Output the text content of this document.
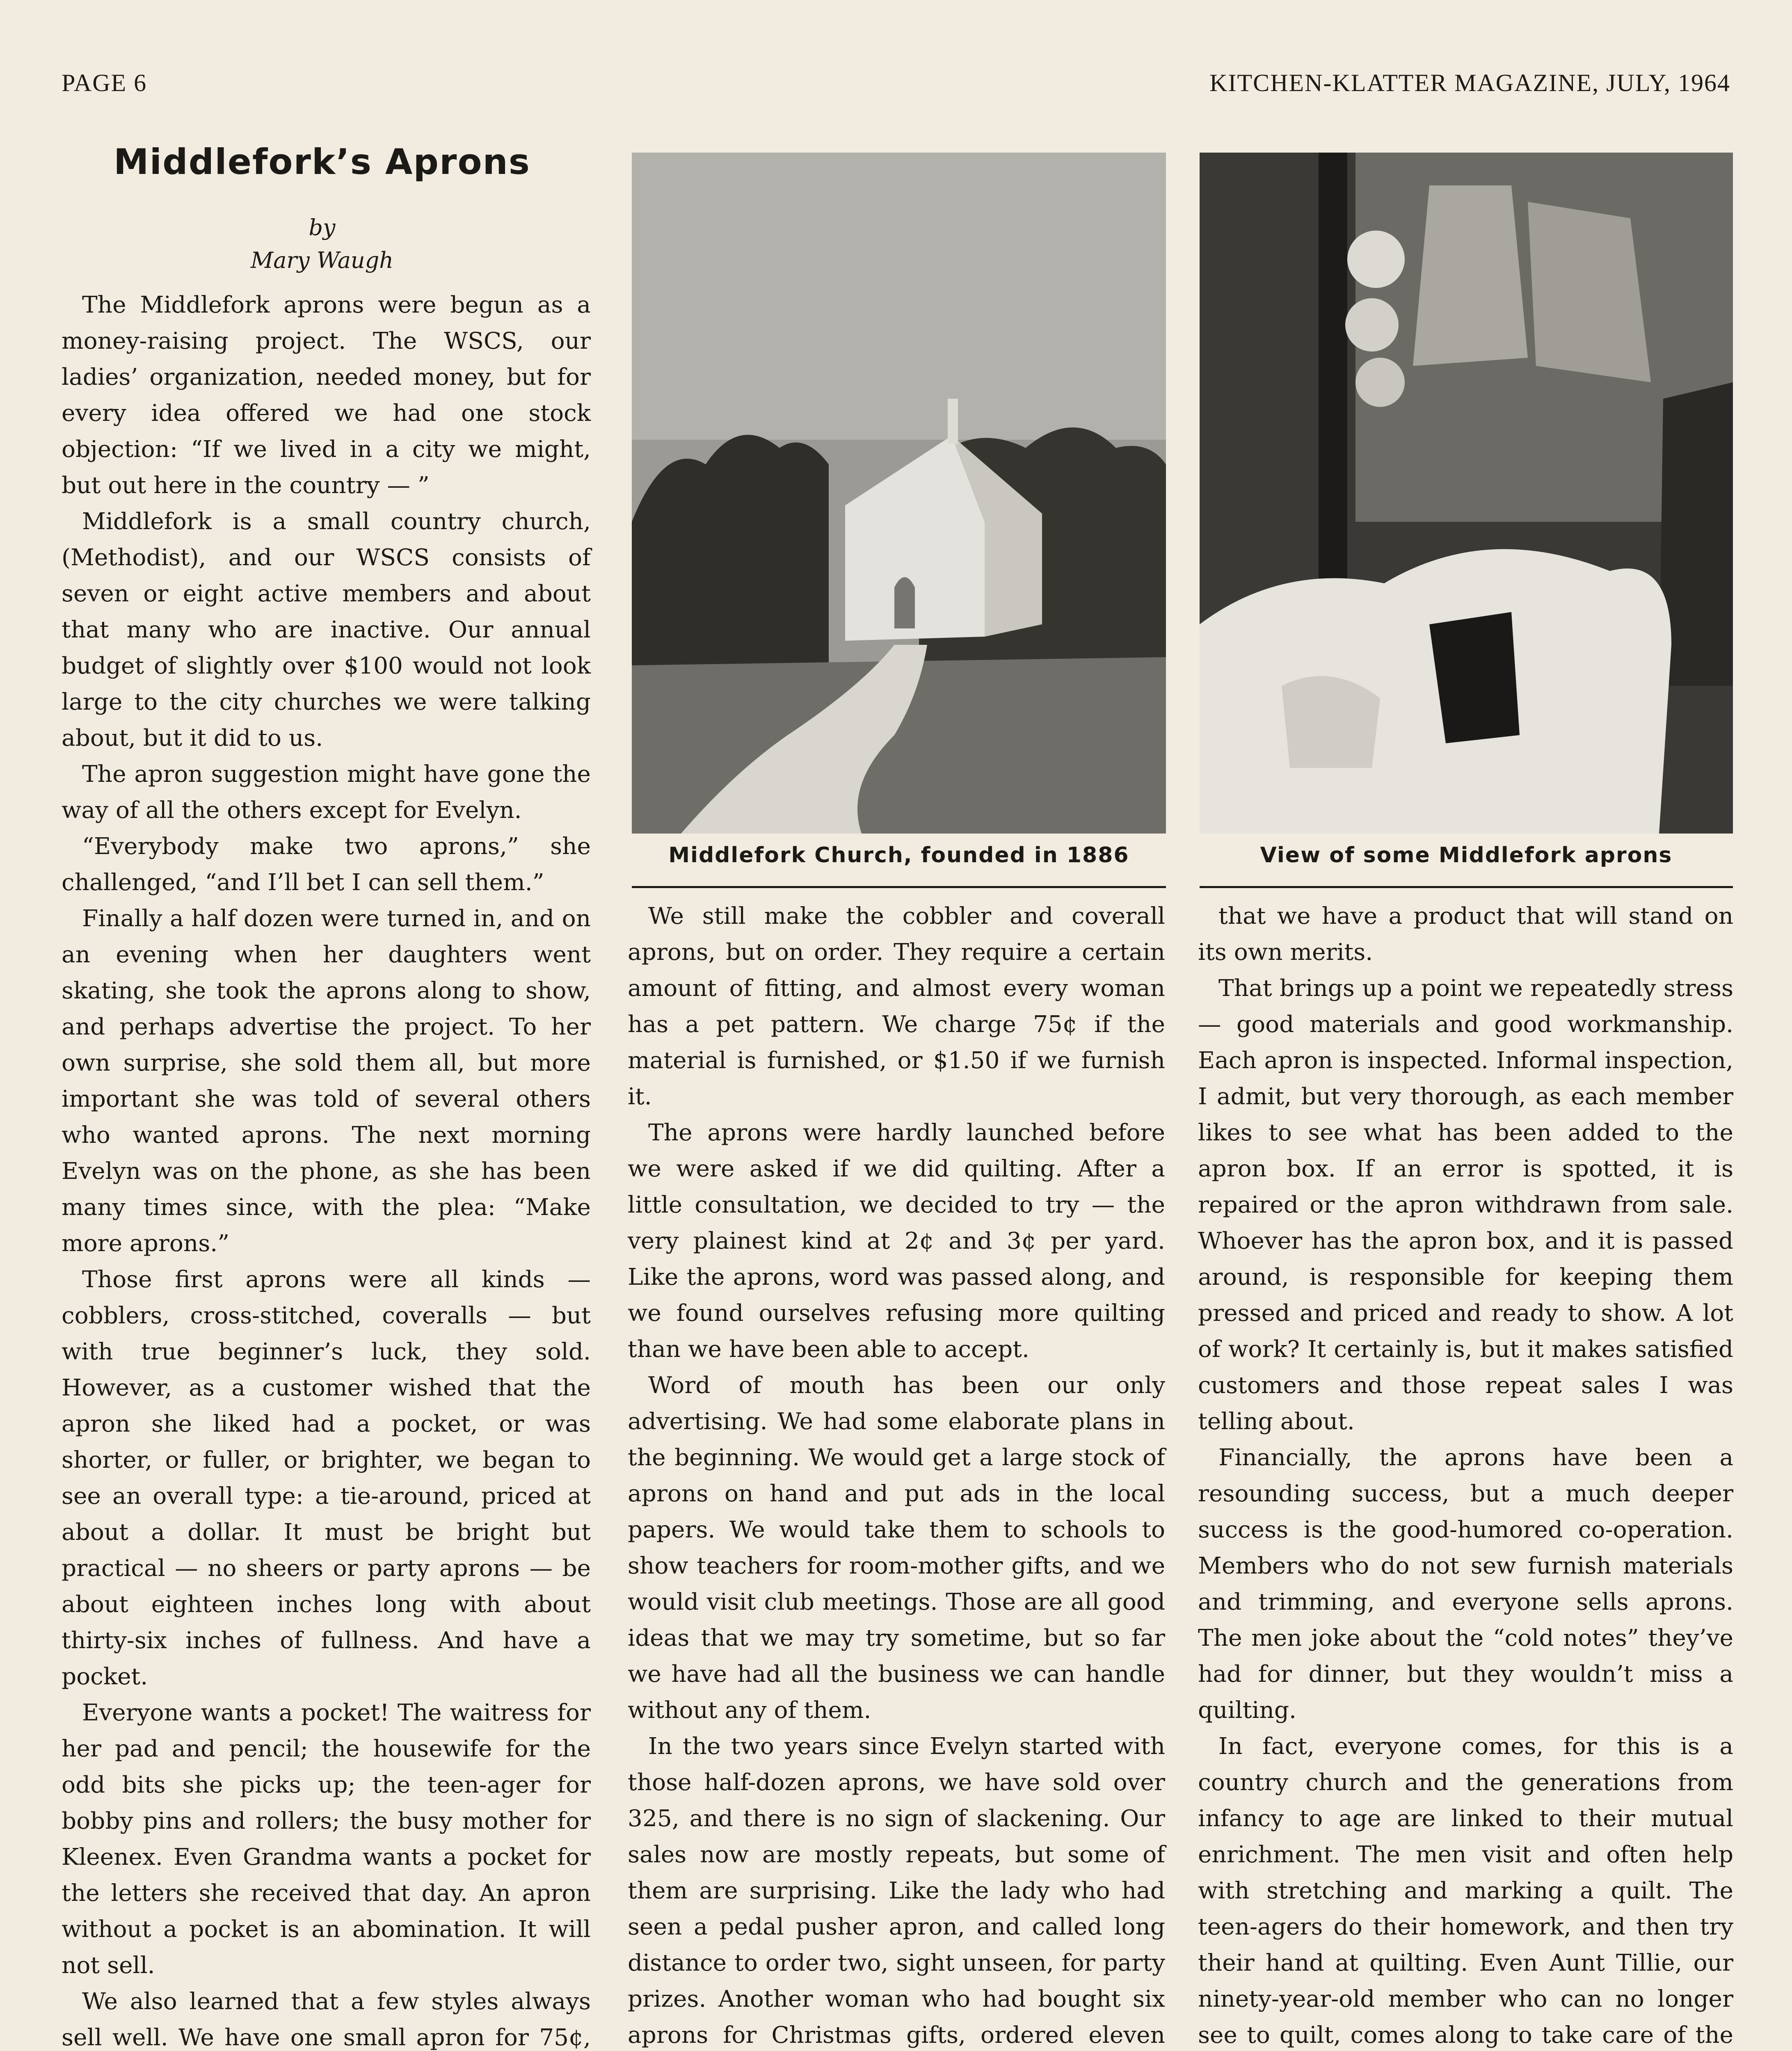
PAGE 6	KITCHEN-KLATTER MAGAZINE, JULY, 1964
Middlefork’s Aprons
by
Mary Waugh

The Middlefork aprons were begun as a money-raising project. The WSCS, our ladies’ organization, needed money, but for every idea offered we had one stock objection: “If we lived in a city we might, but out here in the country — ”

Middlefork is a small country church, (Methodist), and our WSCS consists of seven or eight active members and about that many who are inactive. Our annual budget of slightly over $100 would not look large to the city churches we were talking about, but it did to us.

The apron suggestion might have gone the way of all the others except for Evelyn.

“Everybody make two aprons,” she challenged, “and I’ll bet I can sell them.”

Finally a half dozen were turned in, and on an evening when her daughters went skating, she took the aprons along to show, and perhaps advertise the project. To her own surprise, she sold them all, but more important she was told of several others who wanted aprons. The next morning Evelyn was on the phone, as she has been many times since, with the plea: “Make more aprons.”

Those first aprons were all kinds — cobblers, cross-stitched, coveralls — but with true beginner’s luck, they sold. However, as a customer wished that the apron she liked had a pocket, or was shorter, or fuller, or brighter, we began to see an overall type: a tie-around, priced at about a dollar. It must be bright but practical — no sheers or party aprons — be about eighteen inches long with about thirty-six inches of fullness. And have a pocket.

Everyone wants a pocket! The waitress for her pad and pencil; the housewife for the odd bits she picks up; the teen-ager for bobby pins and rollers; the busy mother for Kleenex. Even Grandma wants a pocket for the letters she received that day. An apron without a pocket is an abomination. It will not sell.

We also learned that a few styles always sell well. We have one small apron for 75¢,

Middlefork Church, founded in 1886	View of some Middlefork aprons

We still make the cobbler and coverall aprons, but on order. They require a certain amount of fitting, and almost every woman has a pet pattern. We charge 75¢ if the material is furnished, or $1.50 if we furnish it.

The aprons were hardly launched before we were asked if we did quilting. After a little consultation, we decided to try — the very plainest kind at 2¢ and 3¢ per yard. Like the aprons, word was passed along, and we found ourselves refusing more quilting than we have been able to accept.

Word of mouth has been our only advertising. We had some elaborate plans in the beginning. We would get a large stock of aprons on hand and put ads in the local papers. We would take them to schools to show teachers for room-mother gifts, and we would visit club meetings. Those are all good ideas that we may try sometime, but so far we have had all the business we can handle without any of them.

In the two years since Evelyn started with those half-dozen aprons, we have sold over 325, and there is no sign of slackening. Our sales now are mostly repeats, but some of them are surprising. Like the lady who had seen a pedal pusher apron, and called long distance to order two, sight unseen, for party prizes. Another woman who had bought six aprons for Christmas gifts, ordered eleven

that we have a product that will stand on its own merits.

That brings up a point we repeatedly stress — good materials and good workmanship. Each apron is inspected. Informal inspection, I admit, but very thorough, as each member likes to see what has been added to the apron box. If an error is spotted, it is repaired or the apron withdrawn from sale. Whoever has the apron box, and it is passed around, is responsible for keeping them pressed and priced and ready to show. A lot of work? It certainly is, but it makes satisfied customers and those repeat sales I was telling about.

Financially, the aprons have been a resounding success, but a much deeper success is the good-humored co-operation. Members who do not sew furnish materials and trimming, and everyone sells aprons. The men joke about the “cold notes” they’ve had for dinner, but they wouldn’t miss a quilting.

In fact, everyone comes, for this is a country church and the generations from infancy to age are linked to their mutual enrichment. The men visit and often help with stretching and marking a quilt. The teen-agers do their homework, and then try their hand at quilting. Even Aunt Tillie, our ninety-year-old member who can no longer see to quilt, comes along to take care of the
